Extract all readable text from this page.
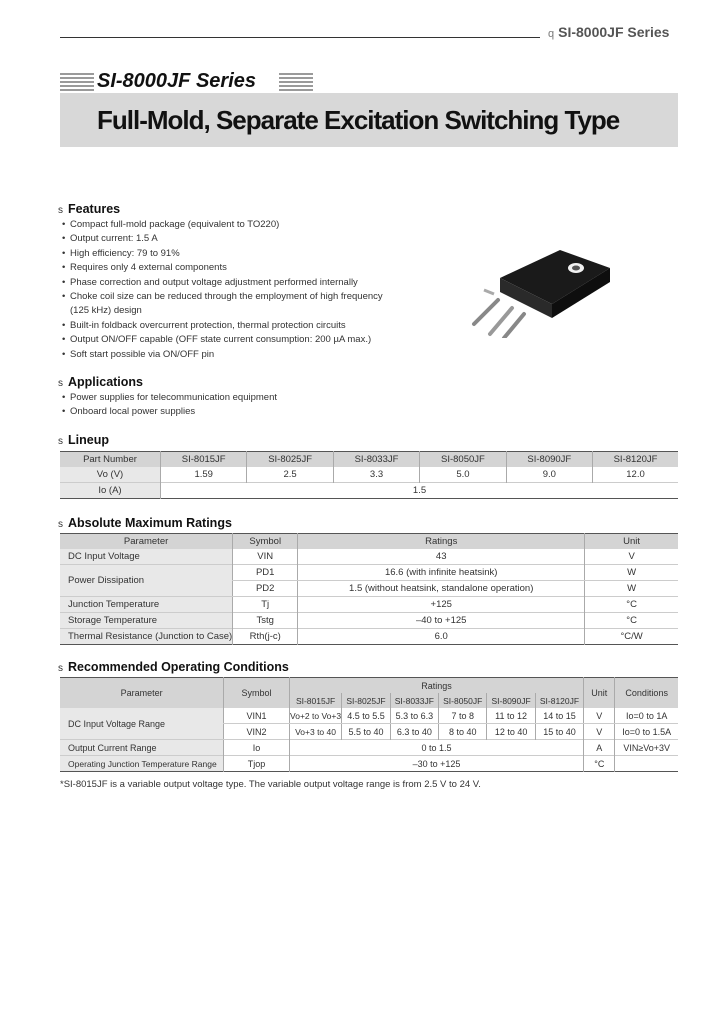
q SI-8000JF Series
SI-8000JF Series
Full-Mold, Separate Excitation Switching Type
s Features
• Compact full-mold package (equivalent to TO220)
• Output current: 1.5 A
• High efficiency: 79 to 91%
• Requires only 4 external components
• Phase correction and output voltage adjustment performed internally
• Choke coil size can be reduced through the employment of high frequency
(125 kHz) design
• Built-in foldback overcurrent protection, thermal protection circuits
• Output ON/OFF capable (OFF state current consumption: 200 µA max.)
• Soft start possible via ON/OFF pin
s Applications
• Power supplies for telecommunication equipment
• Onboard local power supplies
s Lineup
Part Number	SI-8015JF	SI-8025JF	SI-8033JF	SI-8050JF	SI-8090JF	SI-8120JF
Vo (V)	1.59	2.5	3.3	5.0	9.0	12.0
Io (A)	1.5					
s Absolute Maximum Ratings
Parameter	Symbol	Ratings	Unit
DC Input Voltage	VIN	43	V
Power Dissipation	PD1	16.6 (with infinite heatsink)	W
	PD2	1.5 (without heatsink, standalone operation)	W
Junction Temperature	Tj	+125	°C
Storage Temperature	Tstg	–40 to +125	°C
Thermal Resistance (Junction to Case)	Rth(j-c)	6.0	°C/W
s Recommended Operating Conditions
Parameter	Symbol	Ratings						Unit	Conditions
		SI-8015JF	SI-8025JF	SI-8033JF	SI-8050JF	SI-8090JF	SI-8120JF		
DC Input Voltage Range	VIN1	Vo+2 to Vo+3	4.5 to 5.5	5.3 to 6.3	7 to 8	11 to 12	14 to 15	V	Io=0 to 1A
	VIN2	Vo+3 to 40	5.5 to 40	6.3 to 40	8 to 40	12 to 40	15 to 40	V	Io=0 to 1.5A
Output Current Range	Io	0 to 1.5						A	VIN≥Vo+3V
Operating Junction Temperature Range	Tjop	–30 to +125						°C	
*SI-8015JF is a variable output voltage type. The variable output voltage range is from 2.5 V to 24 V.
